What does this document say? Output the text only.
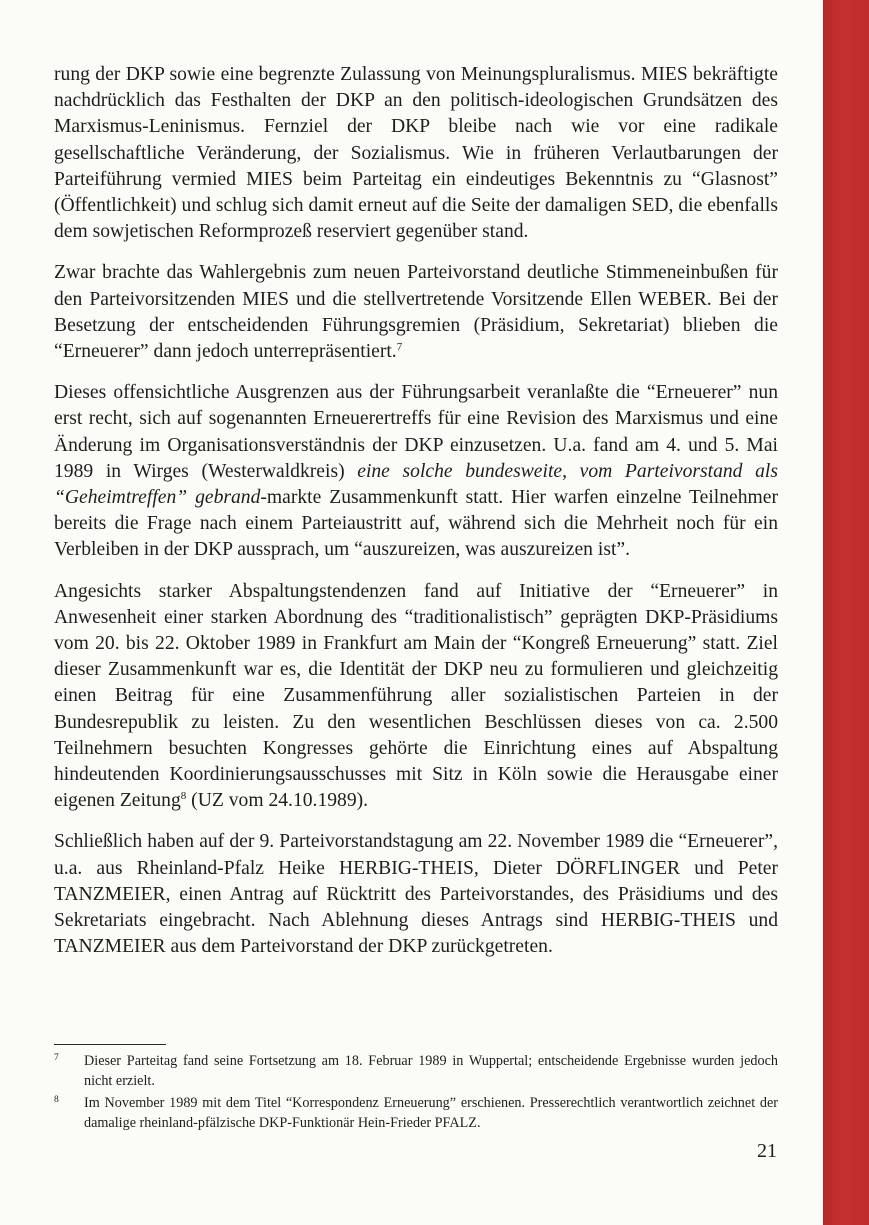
rung der DKP sowie eine begrenzte Zulassung von Meinungspluralismus. MIES bekräftigte nachdrücklich das Festhalten der DKP an den politisch-ideologischen Grundsätzen des Marxismus-Leninismus. Fernziel der DKP bleibe nach wie vor eine radikale gesellschaftliche Veränderung, der Sozialismus. Wie in früheren Verlautbarungen der Parteiführung vermied MIES beim Parteitag ein eindeutiges Bekenntnis zu “Glasnost” (Öffentlichkeit) und schlug sich damit erneut auf die Seite der damaligen SED, die ebenfalls dem sowjetischen Reformprozeß reserviert gegenüber stand.

Zwar brachte das Wahlergebnis zum neuen Parteivorstand deutliche Stimmeneinbußen für den Parteivorsitzenden MIES und die stellvertretende Vorsitzende Ellen WEBER. Bei der Besetzung der entscheidenden Führungsgremien (Präsidium, Sekretariat) blieben die “Erneuerer” dann jedoch unterrepräsentiert.$^7$

Dieses offensichtliche Ausgrenzen aus der Führungsarbeit veranlaßte die “Erneuerer” nun erst recht, sich auf sogenannten Erneuerertreffs für eine Revision des Marxismus und eine Änderung im Organisationsverständnis der DKP einzusetzen. U.a. fand am 4. und 5. Mai 1989 in Wirges (Westerwaldkreis) eine solche bundesweite, vom Parteivorstand als “Geheimtreffen” gebrand-markte Zusammenkunft statt. Hier warfen einzelne Teilnehmer bereits die Frage nach einem Parteiaustritt auf, während sich die Mehrheit noch für ein Verbleiben in der DKP aussprach, um “auszureizen, was auszureizen ist”.

Angesichts starker Abspaltungstendenzen fand auf Initiative der “Erneuerer” in Anwesenheit einer starken Abordnung des “traditionalistisch” geprägten DKP-Präsidiums vom 20. bis 22. Oktober 1989 in Frankfurt am Main der “Kongreß Erneuerung” statt. Ziel dieser Zusammenkunft war es, die Identität der DKP neu zu formulieren und gleichzeitig einen Beitrag für eine Zusammenführung aller sozialistischen Parteien in der Bundesrepublik zu leisten. Zu den wesentlichen Beschlüssen dieses von ca. 2.500 Teilnehmern besuchten Kongresses gehörte die Einrichtung eines auf Abspaltung hindeutenden Koordinierungsausschusses mit Sitz in Köln sowie die Herausgabe einer eigenen Zeitung$^8$ (UZ vom 24.10.1989).

Schließlich haben auf der 9. Parteivorstandstagung am 22. November 1989 die “Erneuerer”, u.a. aus Rheinland-Pfalz Heike HERBIG-THEIS, Dieter DÖRFLINGER und Peter TANZMEIER, einen Antrag auf Rücktritt des Parteivorstandes, des Präsidiums und des Sekretariats eingebracht. Nach Ablehnung dieses Antrags sind HERBIG-THEIS und TANZMEIER aus dem Parteivorstand der DKP zurückgetreten.

7 Dieser Parteitag fand seine Fortsetzung am 18. Februar 1989 in Wuppertal; entscheidende Ergebnisse wurden jedoch nicht erzielt.
8 Im November 1989 mit dem Titel “Korrespondenz Erneuerung” erschienen. Presserechtlich verantwortlich zeichnet der damalige rheinland-pfälzische DKP-Funktionär Hein-Frieder PFALZ.
21
